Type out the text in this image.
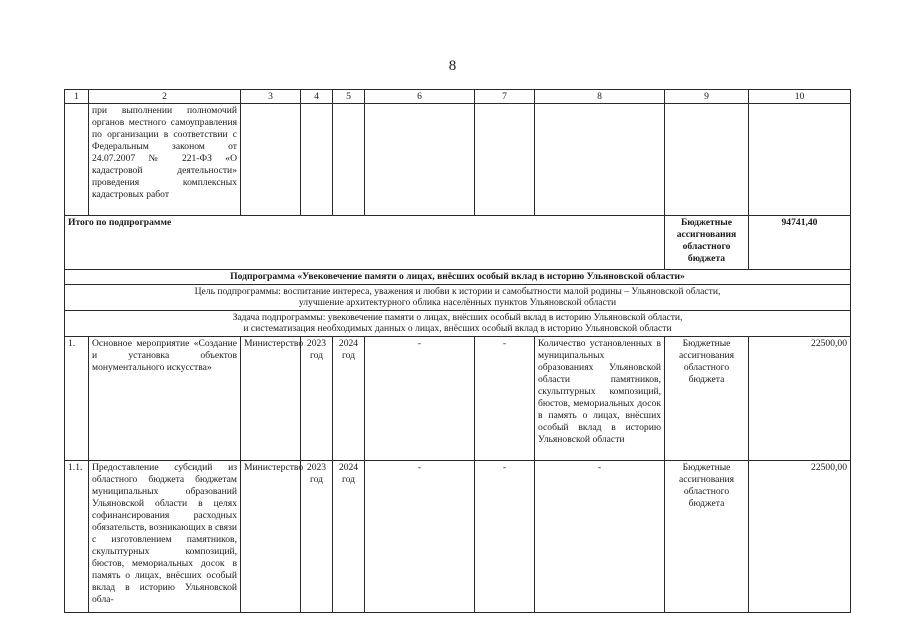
8
1	2	3	4	5	6	7	8	9	10
	при выполнении полномочий органов местного самоуправления по организации в соответствии с Федеральным законом от 24.07.2007 № 221-ФЗ «О кадастровой деятельности» проведения комплексных кадастровых работ								
Итого по подпрограмме								Бюджетные ассигнования областного бюджета	94741,40
Подпрограмма «Увековечение памяти о лицах, внёсших особый вклад в историю Ульяновской области»									

Цель подпрограммы: воспитание интереса, уважения и любви к истории и самобытности малой родины – Ульяновской области,
улучшение архитектурного облика населённых пунктов Ульяновской области									

Задача подпрограммы: увековечение памяти о лицах, внёсших особый вклад в историю Ульяновской области,
и систематизация необходимых данных о лицах, внёсших особый вклад в историю Ульяновской области									

1.	Основное мероприятие «Создание и установка объектов монументального искусства»	Министерство	2023 год	2024 год	-	-	Количество установленных в муниципальных образованиях Ульяновской области памятников, скульптурных композиций, бюстов, мемориальных досок в память о лицах, внёсших особый вклад в историю Ульяновской области	Бюджетные ассигнования областного бюджета	22500,00
1.1.	Предоставление субсидий из областного бюджета бюджетам муниципальных образований Ульяновской области в целях софинансирования расходных обязательств, возникающих в связи с изготовлением памятников, скульптурных композиций, бюстов, мемориальных досок в память о лицах, внёсших особый вклад в историю Ульяновской обла-	Министерство	2023 год	2024 год	-	-	-	Бюджетные ассигнования областного бюджета	22500,00
